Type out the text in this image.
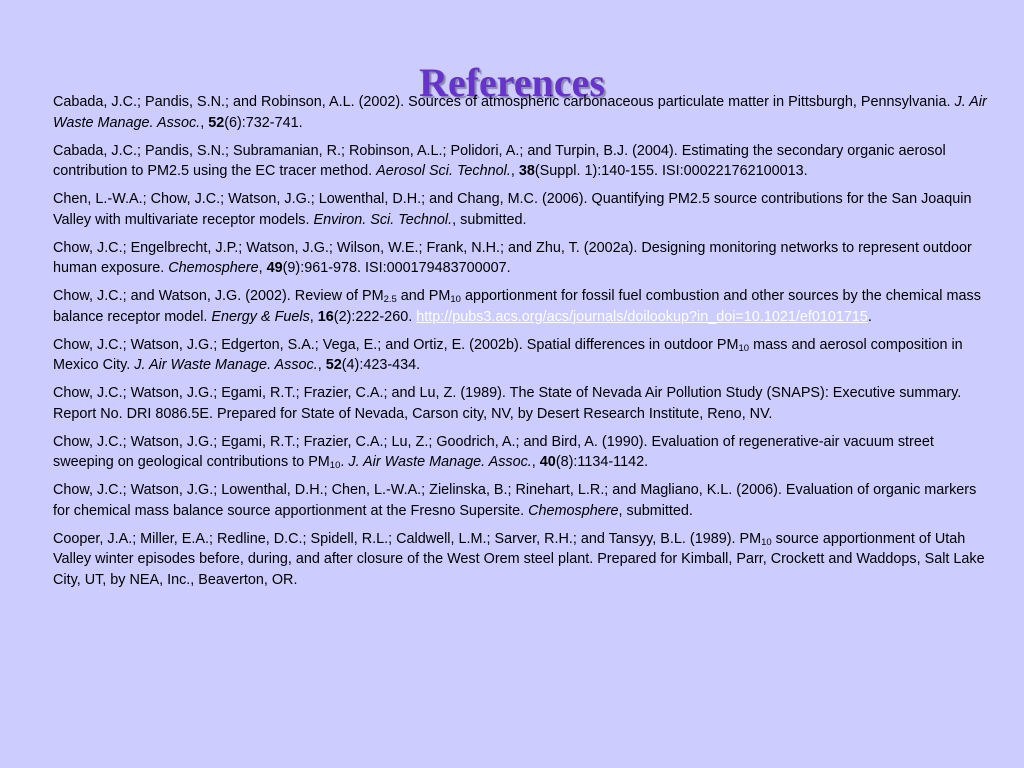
References

Cabada, J.C.; Pandis, S.N.; and Robinson, A.L. (2002). Sources of atmospheric carbonaceous particulate matter in Pittsburgh, Pennsylvania. J. Air Waste Manage. Assoc., 52(6):732-741.

Cabada, J.C.; Pandis, S.N.; Subramanian, R.; Robinson, A.L.; Polidori, A.; and Turpin, B.J. (2004). Estimating the secondary organic aerosol contribution to PM2.5 using the EC tracer method. Aerosol Sci. Technol., 38(Suppl. 1):140-155. ISI:000221762100013.

Chen, L.-W.A.; Chow, J.C.; Watson, J.G.; Lowenthal, D.H.; and Chang, M.C. (2006). Quantifying PM2.5 source contributions for the San Joaquin Valley with multivariate receptor models. Environ. Sci. Technol., submitted.

Chow, J.C.; Engelbrecht, J.P.; Watson, J.G.; Wilson, W.E.; Frank, N.H.; and Zhu, T. (2002a). Designing monitoring networks to represent outdoor human exposure. Chemosphere, 49(9):961-978. ISI:000179483700007.

Chow, J.C.; and Watson, J.G. (2002). Review of $PM_{2.5}$ and $PM_{10}$ apportionment for fossil fuel combustion and other sources by the chemical mass balance receptor model. Energy & Fuels, 16(2):222-260. http://pubs3.acs.org/acs/journals/doilookup?in_doi=10.1021/ef0101715.

Chow, J.C.; Watson, J.G.; Edgerton, S.A.; Vega, E.; and Ortiz, E. (2002b). Spatial differences in outdoor $PM_{10}$ mass and aerosol composition in Mexico City. J. Air Waste Manage. Assoc., 52(4):423-434.

Chow, J.C.; Watson, J.G.; Egami, R.T.; Frazier, C.A.; and Lu, Z. (1989). The State of Nevada Air Pollution Study (SNAPS): Executive summary. Report No. DRI 8086.5E. Prepared for State of Nevada, Carson city, NV, by Desert Research Institute, Reno, NV.

Chow, J.C.; Watson, J.G.; Egami, R.T.; Frazier, C.A.; Lu, Z.; Goodrich, A.; and Bird, A. (1990). Evaluation of regenerative-air vacuum street sweeping on geological contributions to $PM_{10}$. J. Air Waste Manage. Assoc., 40(8):1134-1142.

Chow, J.C.; Watson, J.G.; Lowenthal, D.H.; Chen, L.-W.A.; Zielinska, B.; Rinehart, L.R.; and Magliano, K.L. (2006). Evaluation of organic markers for chemical mass balance source apportionment at the Fresno Supersite. Chemosphere, submitted.

Cooper, J.A.; Miller, E.A.; Redline, D.C.; Spidell, R.L.; Caldwell, L.M.; Sarver, R.H.; and Tansyy, B.L. (1989). $PM_{10}$ source apportionment of Utah Valley winter episodes before, during, and after closure of the West Orem steel plant. Prepared for Kimball, Parr, Crockett and Waddops, Salt Lake City, UT, by NEA, Inc., Beaverton, OR.
